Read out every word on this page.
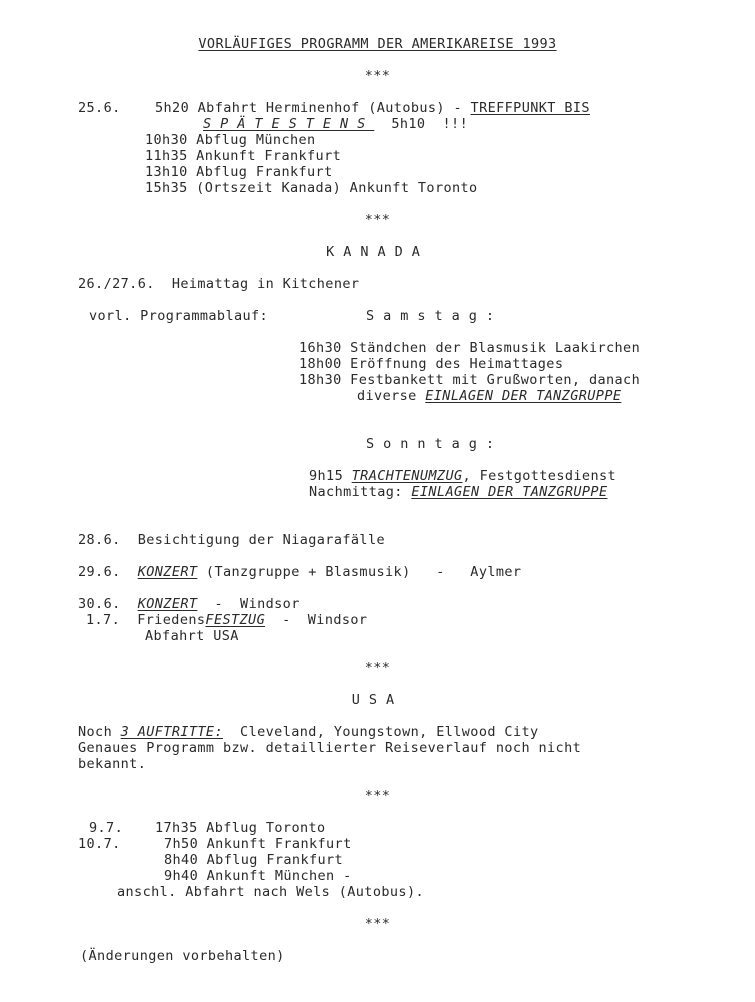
VORLÄUFIGES PROGRAMM DER AMERIKAREISE 1993
***
25.6.	5h20 Abfahrt Herminenhof (Autobus) - TREFFPUNKT BIS
SPÄTESTENS 5h10 !!!
10h30 Abflug München
11h35 Ankunft Frankfurt
13h10 Abflug Frankfurt
15h35 (Ortszeit Kanada) Ankunft Toronto
***
KANADA
26./27.6. Heimattag in Kitchener
vorl. Programmablauf:	Samstag:
16h30 Ständchen der Blasmusik Laakirchen
18h00 Eröffnung des Heimattages
18h30 Festbankett mit Grußworten, danach
diverse EINLAGEN DER TANZGRUPPE
Sonntag:
9h15 TRACHTENUMZUG, Festgottesdienst
Nachmittag: EINLAGEN DER TANZGRUPPE
28.6. Besichtigung der Niagarafälle
29.6. KONZERT (Tanzgruppe + Blasmusik)   -   Aylmer
30.6. KONZERT  -  Windsor
1.7. FriedensFESTZUG  -  Windsor
Abfahrt USA
***
USA
Noch 3 AUFTRITTE:  Cleveland, Youngstown, Ellwood City
Genaues Programm bzw. detaillierter Reiseverlauf noch nicht
bekannt.
***
9.7. 17h35 Abflug Toronto
10.7.	7h50 Ankunft Frankfurt
8h40 Abflug Frankfurt
9h40 Ankunft München -
anschl. Abfahrt nach Wels (Autobus).
***
(Änderungen vorbehalten)
